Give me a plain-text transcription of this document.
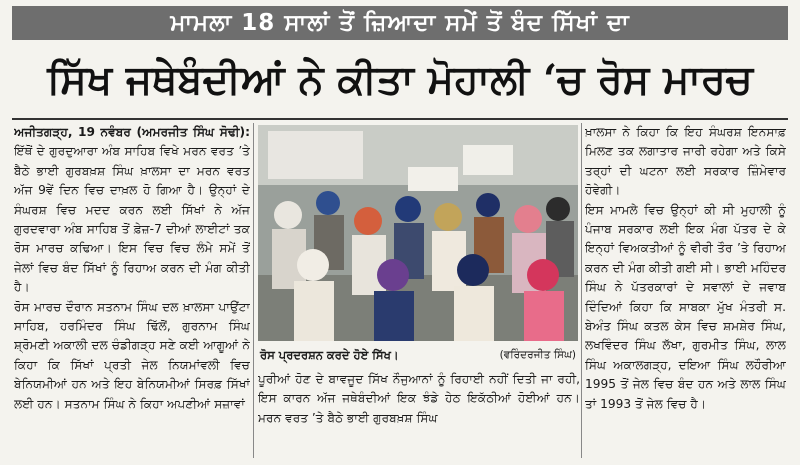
ਮਾਮਲਾ 18 ਸਾਲਾਂ ਤੋਂ ਜ਼ਿਆਦਾ ਸਮੇਂ ਤੋਂ ਬੰਦ ਸਿੱਖਾਂ ਦਾ
ਸਿੱਖ ਜਥੇਬੰਦੀਆਂ ਨੇ ਕੀਤਾ ਮੋਹਾਲੀ ‘ਚ ਰੋਸ ਮਾਰਚ

ਅਜੀਤਗੜ੍ਹ, 19 ਨਵੰਬਰ (ਅਮਰਜੀਤ ਸਿੰਘ ਸੋਢੀ): ਇੱਥੋਂ ਦੇ ਗੁਰਦੁਆਰਾ ਅੰਬ ਸਾਹਿਬ ਵਿਖੇ ਮਰਨ ਵਰਤ ’ਤੇ ਬੈਠੇ ਭਾਈ ਗੁਰਬਖ਼ਸ਼ ਸਿੰਘ ਖ਼ਾਲਸਾ ਦਾ ਮਰਨ ਵਰਤ ਅੱਜ 9ਵੇਂ ਦਿਨ ਵਿਚ ਦਾਖ਼ਲ ਹੋ ਗਿਆ ਹੈ। ਉਨ੍ਹਾਂ ਦੇ ਸੰਘਰਸ਼ ਵਿਚ ਮਦਦ ਕਰਨ ਲਈ ਸਿੱਖਾਂ ਨੇ ਅੱਜ ਗੁਰਦਵਾਰਾ ਅੰਬ ਸਾਹਿਬ ਤੋਂ ਫ਼ੇਜ਼-7 ਦੀਆਂ ਲਾਈਟਾਂ ਤਕ ਰੋਸ ਮਾਰਚ ਕਢਿਆ। ਇਸ ਵਿਚ ਵਿਚ ਲੰਮੇ ਸਮੇਂ ਤੋਂ ਜੇਲਾਂ ਵਿਚ ਬੰਦ ਸਿੱਖਾਂ ਨੂੰ ਰਿਹਾਅ ਕਰਨ ਦੀ ਮੰਗ ਕੀਤੀ ਹੈ।

ਰੋਸ ਮਾਰਚ ਦੌਰਾਨ ਸਤਨਾਮ ਸਿੰਘ ਦਲ ਖ਼ਾਲਸਾ ਪਾਉਂਟਾ ਸਾਹਿਬ, ਹਰਮਿੰਦਰ ਸਿੰਘ ਢਿੱਲੋਂ, ਗੁਰਨਾਮ ਸਿੰਘ ਸ਼੍ਰੋਮਣੀ ਅਕਾਲੀ ਦਲ ਚੰਡੀਗੜ੍ਹ ਸਣੇ ਕਈ ਆਗੂਆਂ ਨੇ ਕਿਹਾ ਕਿ ਸਿੱਖਾਂ ਪ੍ਰਤੀ ਜੇਲ ਨਿਯਮਾਂਵਲੀ ਵਿਚ ਬੇਨਿਯਮੀਆਂ ਹਨ ਅਤੇ ਇਹ ਬੇਨਿਯਮੀਆਂ ਸਿਰਫ਼ ਸਿੱਖਾਂ ਲਈ ਹਨ। ਸਤਨਾਮ ਸਿੰਘ ਨੇ ਕਿਹਾ ਅਪਣੀਆਂ ਸਜ਼ਾਵਾਂ

ਰੋਸ ਪ੍ਰਦਰਸ਼ਨ ਕਰਦੇ ਹੋਏ ਸਿੱਖ।	(ਵਰਿੰਦਰਜੀਤ ਸਿੰਘ)

ਪੂਰੀਆਂ ਹੋਣ ਦੇ ਬਾਵਜੂਦ ਸਿੱਖ ਨੌਜੁਆਨਾਂ ਨੂੰ ਰਿਹਾਈ ਨਹੀਂ ਦਿਤੀ ਜਾ ਰਹੀ, ਇਸ ਕਾਰਨ ਅੱਜ ਜਥੇਬੰਦੀਆਂ ਇਕ ਝੰਡੇ ਹੇਠ ਇਕੱਠੀਆਂ ਹੋਈਆਂ ਹਨ। ਮਰਨ ਵਰਤ ’ਤੇ ਬੈਠੇ ਭਾਈ ਗੁਰਬਖ਼ਸ਼ ਸਿੰਘ

ਖ਼ਾਲਸਾ ਨੇ ਕਿਹਾ ਕਿ ਇਹ ਸੰਘਰਸ਼ ਇਨਸਾਫ਼ ਮਿਲਣ ਤਕ ਲਗਾਤਾਰ ਜਾਰੀ ਰਹੇਗਾ ਅਤੇ ਕਿਸੇ ਤਰ੍ਹਾਂ ਦੀ ਘਟਨਾ ਲਈ ਸਰਕਾਰ ਜ਼ਿੰਮੇਵਾਰ ਹੋਵੇਗੀ।

ਇਸ ਮਾਮਲੇ ਵਿਚ ਉਨ੍ਹਾਂ ਕੀ ਸੀ ਮੁਹਾਲੀ ਨੂੰ ਪੰਜਾਬ ਸਰਕਾਰ ਲਈ ਇਕ ਮੰਗ ਪੱਤਰ ਦੇ ਕੇ ਇਨ੍ਹਾਂ ਵਿਅਕਤੀਆਂ ਨੂੰ ਵੀਰੀ ਤੌਰ ’ਤੇ ਰਿਹਾਅ ਕਰਨ ਦੀ ਮੰਗ ਕੀਤੀ ਗਈ ਸੀ। ਭਾਈ ਮਹਿੰਦਰ ਸਿੰਘ ਨੇ ਪੱਤਰਕਾਰਾਂ ਦੇ ਸਵਾਲਾਂ ਦੇ ਜਵਾਬ ਦਿੰਦਿਆਂ ਕਿਹਾ ਕਿ ਸਾਬਕਾ ਮੁੱਖ ਮੰਤਰੀ ਸ. ਬੇਅੰਤ ਸਿੰਘ ਕਤਲ ਕੇਸ ਵਿਚ ਸ਼ਮਸ਼ੇਰ ਸਿੰਘ, ਲਖਵਿੰਦਰ ਸਿੰਘ ਲੱਖਾ, ਗੁਰਮੀਤ ਸਿੰਘ, ਲਾਲ ਸਿੰਘ ਅਕਾਲਗੜ੍ਹ, ਦਇਆ ਸਿੰਘ ਲਹੌਰੀਆ 1995 ਤੋਂ ਜੇਲ ਵਿਚ ਬੰਦ ਹਨ ਅਤੇ ਲਾਲ ਸਿੰਘ ਤਾਂ 1993 ਤੋਂ ਜੇਲ ਵਿਚ ਹੈ।
